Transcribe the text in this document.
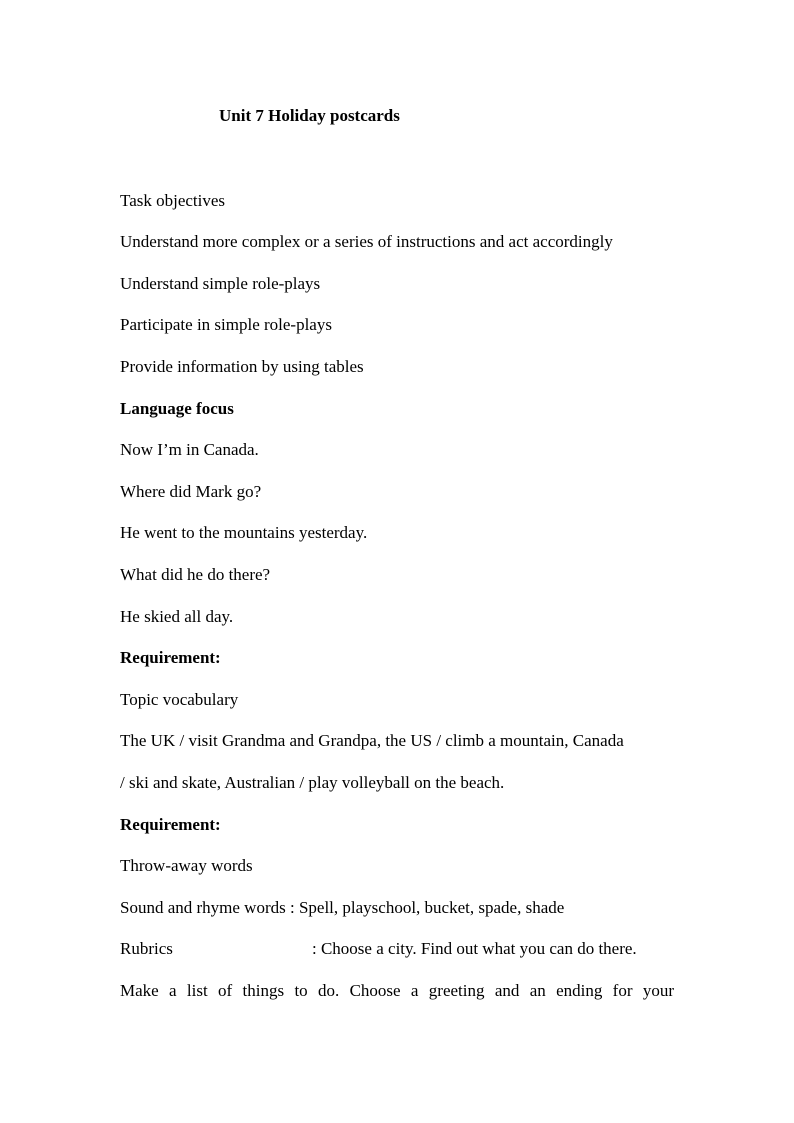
Unit 7 Holiday postcards
Task objectives
Understand more complex or a series of instructions and act accordingly
Understand simple role-plays
Participate in simple role-plays
Provide information by using tables
Language focus
Now I’m in Canada.
Where did Mark go?
He went to the mountains yesterday.
What did he do there?
He skied all day.
Requirement:
Topic vocabulary
The UK / visit Grandma and Grandpa, the US / climb a mountain, Canada
/ ski and skate, Australian / play volleyball on the beach.
Requirement:
Throw-away words
Sound and rhyme words : Spell, playschool, bucket, spade, shade
Rubrics	: Choose a city. Find out what you can do there.
Make a list of things to do. Choose a greeting and an ending for your
